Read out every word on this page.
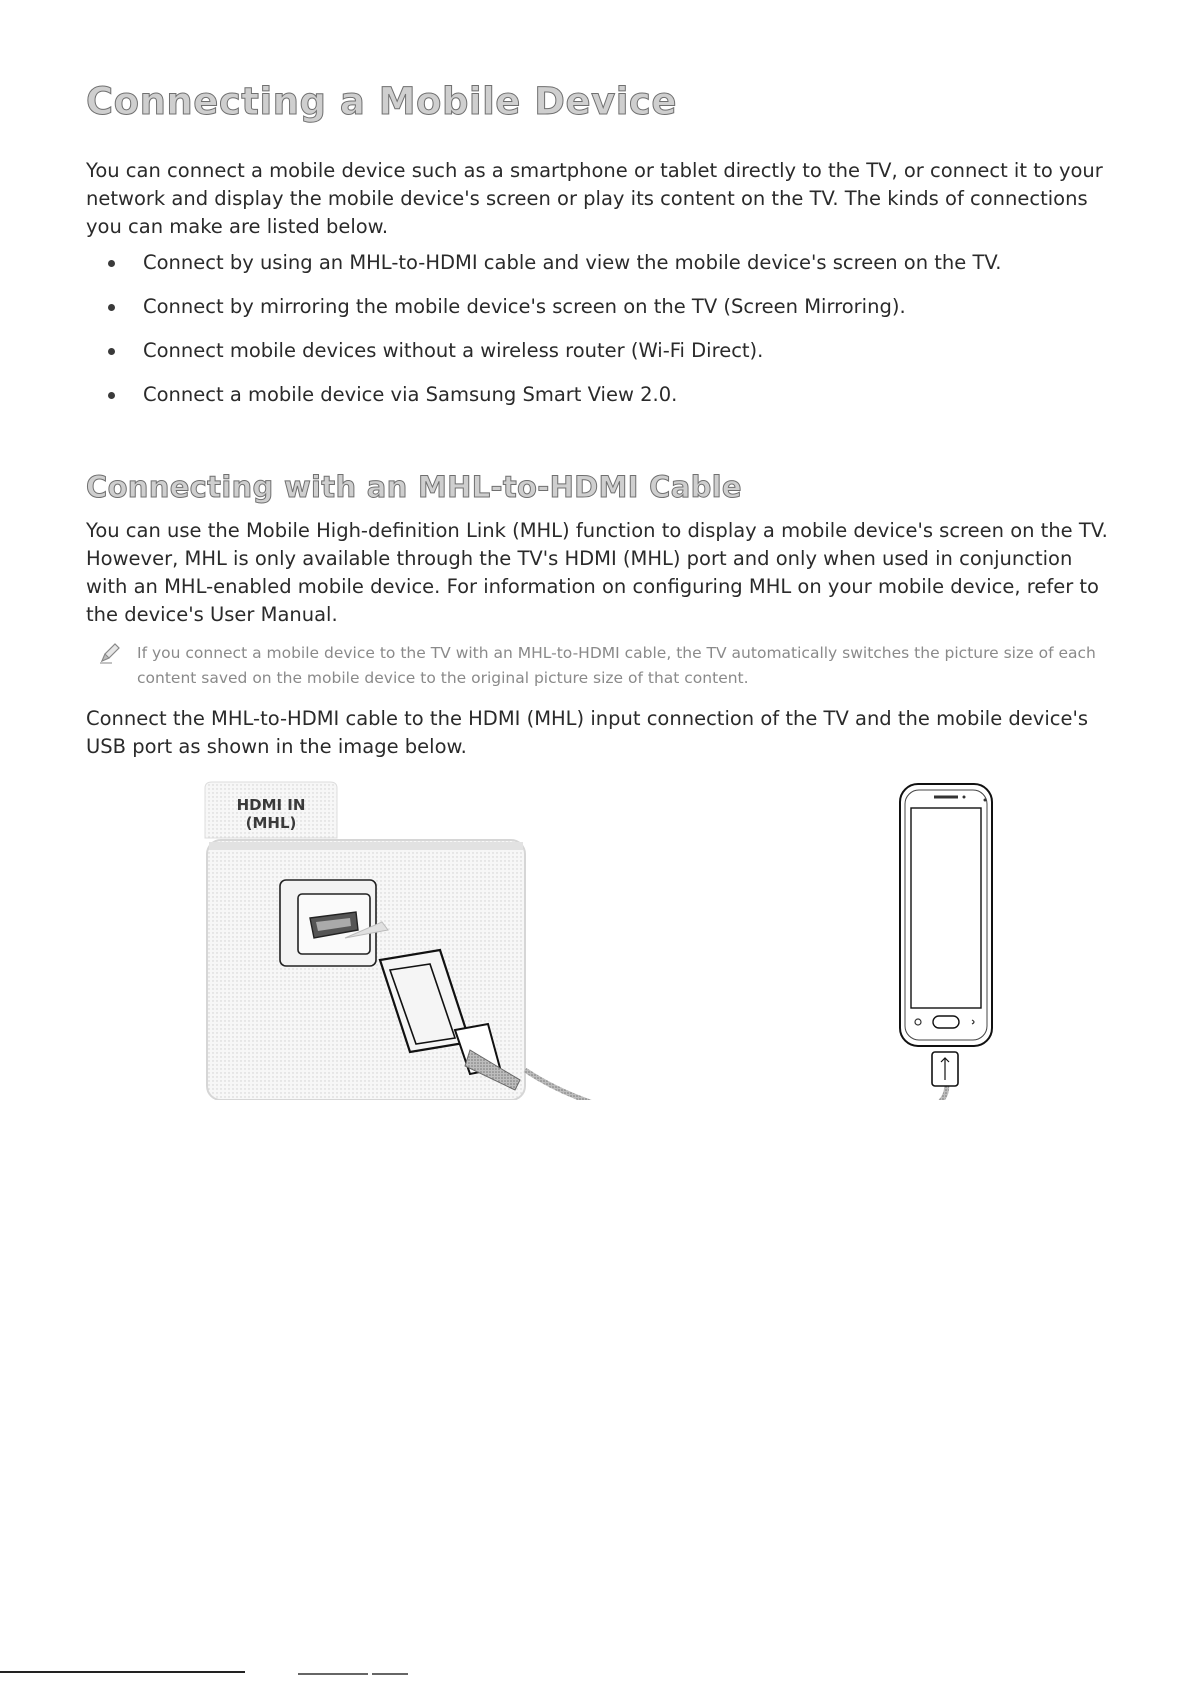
Connecting a Mobile Device

You can connect a mobile device such as a smartphone or tablet directly to the TV, or connect it to your network and display the mobile device's screen or play its content on the TV. The kinds of connections you can make are listed below.

Connect by using an MHL-to-HDMI cable and view the mobile device's screen on the TV.
Connect by mirroring the mobile device's screen on the TV (Screen Mirroring).
Connect mobile devices without a wireless router (Wi-Fi Direct).
Connect a mobile device via Samsung Smart View 2.0.
Connecting with an MHL-to-HDMI Cable

You can use the Mobile High-definition Link (MHL) function to display a mobile device's screen on the TV. However, MHL is only available through the TV's HDMI (MHL) port and only when used in conjunction with an MHL-enabled mobile device. For information on configuring MHL on your mobile device, refer to the device's User Manual.

If you connect a mobile device to the TV with an MHL-to-HDMI cable, the TV automatically switches the picture size of each content saved on the mobile device to the original picture size of that content.

Connect the MHL-to-HDMI cable to the HDMI (MHL) input connection of the TV and the mobile device's USB port as shown in the image below.

HDMI IN
(MHL)
